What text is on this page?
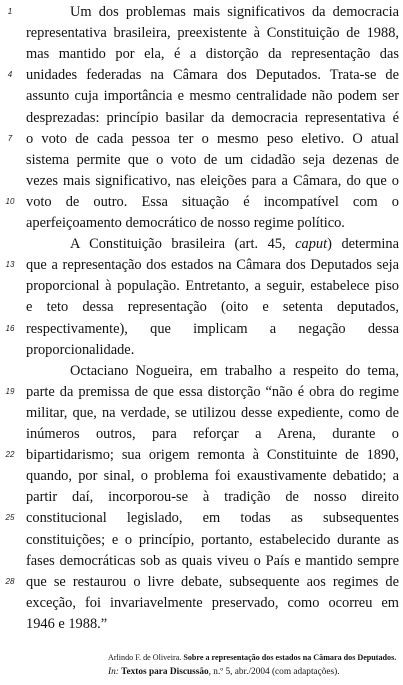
1	Um dos problemas mais significativos da democracia
representativa brasileira, preexistente à Constituição de 1988,
mas mantido por ela, é a distorção da representação das
4 unidades federadas na Câmara dos Deputados. Trata-se de
assunto cuja importância e mesmo centralidade não podem ser
desprezadas: princípio basilar da democracia representativa é
7 o voto de cada pessoa ter o mesmo peso eletivo. O atual
sistema permite que o voto de um cidadão seja dezenas de
vezes mais significativo, nas eleições para a Câmara, do que o
10 voto de outro. Essa situação é incompatível com o
aperfeiçoamento democrático de nosso regime político.
A Constituição brasileira (art. 45, caput) determina
13 que a representação dos estados na Câmara dos Deputados seja
proporcional à população. Entretanto, a seguir, estabelece piso
e teto dessa representação (oito e setenta deputados,
16 respectivamente), que implicam a negação dessa
proporcionalidade.
Octaciano Nogueira, em trabalho a respeito do tema,
19 parte da premissa de que essa distorção “não é obra do regime
militar, que, na verdade, se utilizou desse expediente, como de
inúmeros outros, para reforçar a Arena, durante o
22 bipartidarismo; sua origem remonta à Constituinte de 1890,
quando, por sinal, o problema foi exaustivamente debatido; a
partir daí, incorporou-se à tradição de nosso direito
25 constitucional legislado, em todas as subsequentes
constituições; e o princípio, portanto, estabelecido durante as
fases democráticas sob as quais viveu o País e mantido sempre
28 que se restaurou o livre debate, subsequente aos regimes de
exceção, foi invariavelmente preservado, como ocorreu em
1946 e 1988.”
Arlindo F. de Oliveira. Sobre a representação dos estados na Câmara dos Deputados.
In: Textos para Discussão, n.º 5, abr./2004 (com adaptações).
